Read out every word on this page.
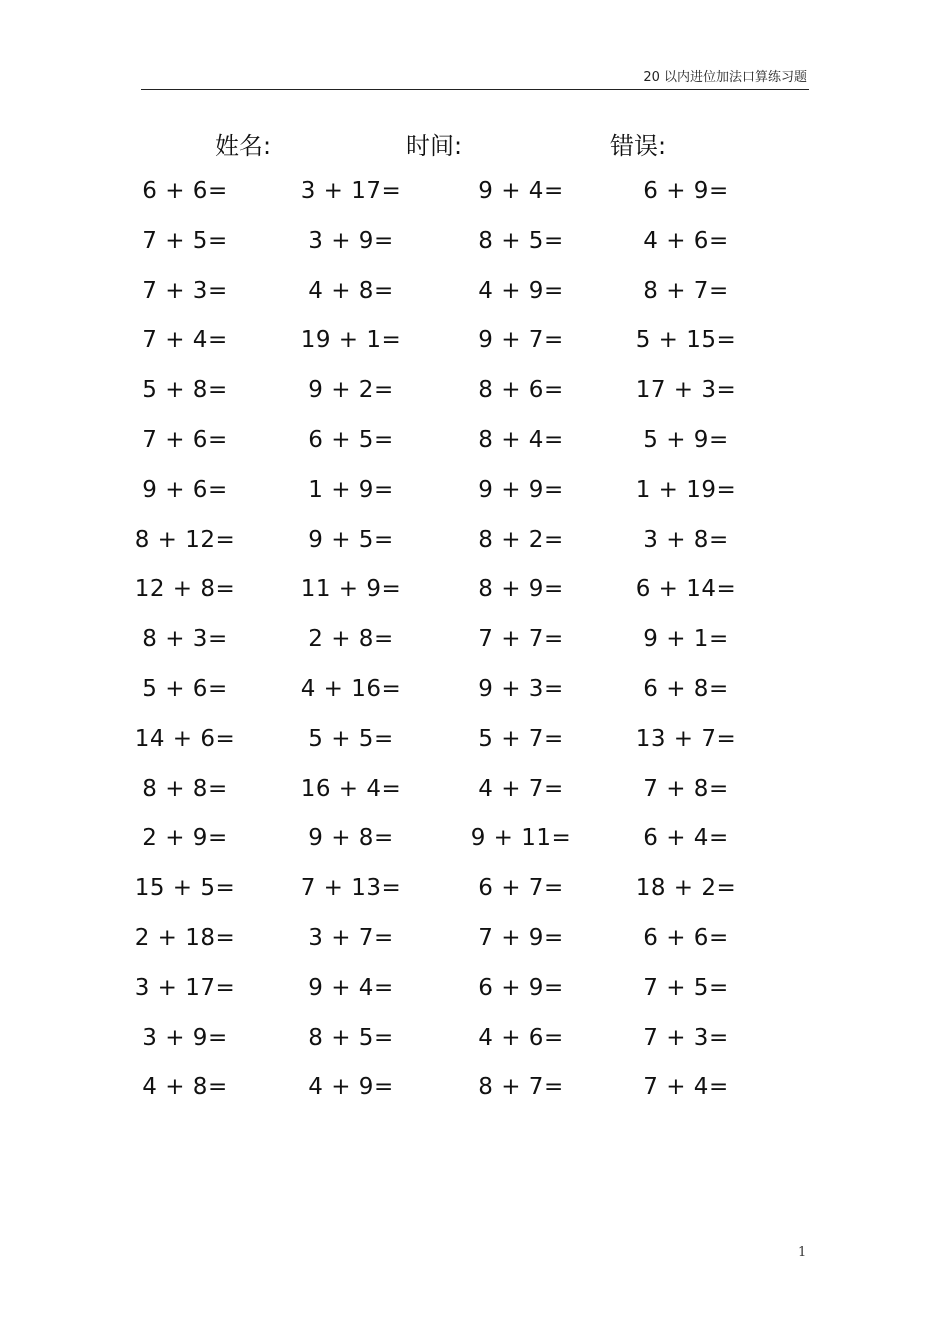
20 以内进位加法口算练习题
姓名:	时间:	错误:
6 + 6=	3 + 17=	9 + 4=	6 + 9=
7 + 5=	3 + 9=	8 + 5=	4 + 6=
7 + 3=	4 + 8=	4 + 9=	8 + 7=
7 + 4=	19 + 1=	9 + 7=	5 + 15=
5 + 8=	9 + 2=	8 + 6=	17 + 3=
7 + 6=	6 + 5=	8 + 4=	5 + 9=
9 + 6=	1 + 9=	9 + 9=	1 + 19=
8 + 12=	9 + 5=	8 + 2=	3 + 8=
12 + 8=	11 + 9=	8 + 9=	6 + 14=
8 + 3=	2 + 8=	7 + 7=	9 + 1=
5 + 6=	4 + 16=	9 + 3=	6 + 8=
14 + 6=	5 + 5=	5 + 7=	13 + 7=
8 + 8=	16 + 4=	4 + 7=	7 + 8=
2 + 9=	9 + 8=	9 + 11=	6 + 4=
15 + 5=	7 + 13=	6 + 7=	18 + 2=
2 + 18=	3 + 7=	7 + 9=	6 + 6=
3 + 17=	9 + 4=	6 + 9=	7 + 5=
3 + 9=	8 + 5=	4 + 6=	7 + 3=
4 + 8=	4 + 9=	8 + 7=	7 + 4=
1
